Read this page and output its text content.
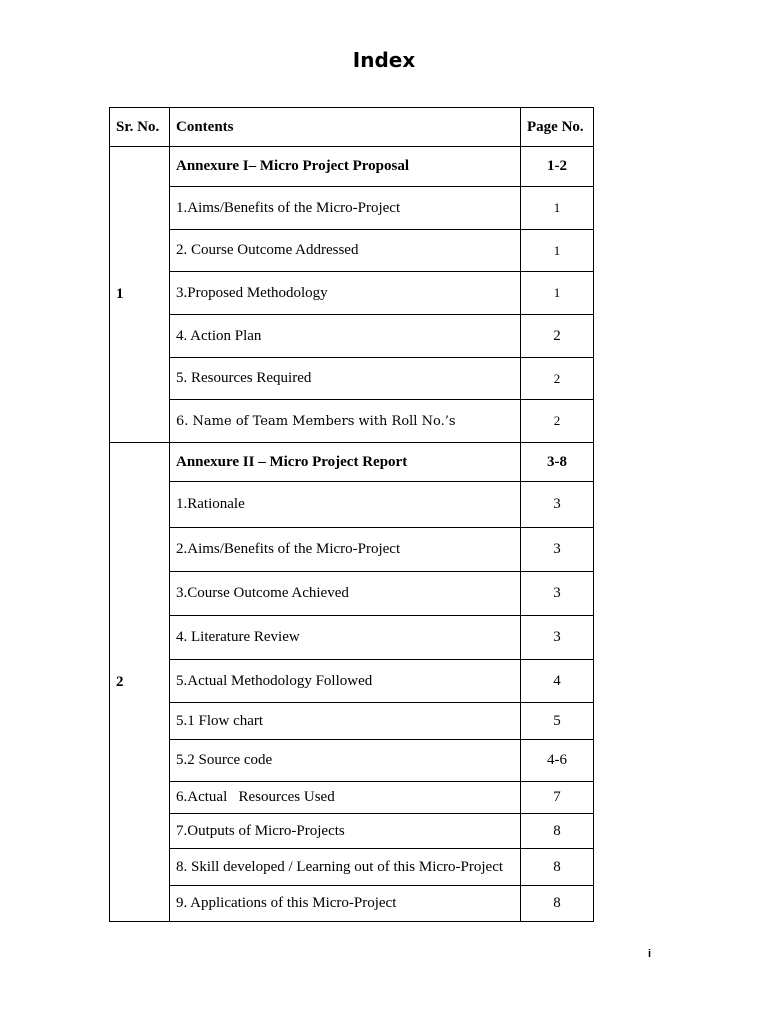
Index
Sr. No.	Contents	Page No.
1	Annexure I– Micro Project Proposal	1-2
	1.Aims/Benefits of the Micro-Project	1
	2. Course Outcome Addressed	1
	3.Proposed Methodology	1
	4. Action Plan	2
	5. Resources Required	2
	6. Name of Team Members with Roll No.’s	2
2	Annexure II – Micro Project Report	3-8
	1.Rationale	3
	2.Aims/Benefits of the Micro-Project	3
	3.Course Outcome Achieved	3
	4. Literature Review	3
	5.Actual Methodology Followed	4
	5.1 Flow chart	5
	5.2 Source code	4-6
	6.Actual   Resources Used	7
	7.Outputs of Micro-Projects	8
	8. Skill developed / Learning out of this Micro-Project	8
	9. Applications of this Micro-Project	8
i
